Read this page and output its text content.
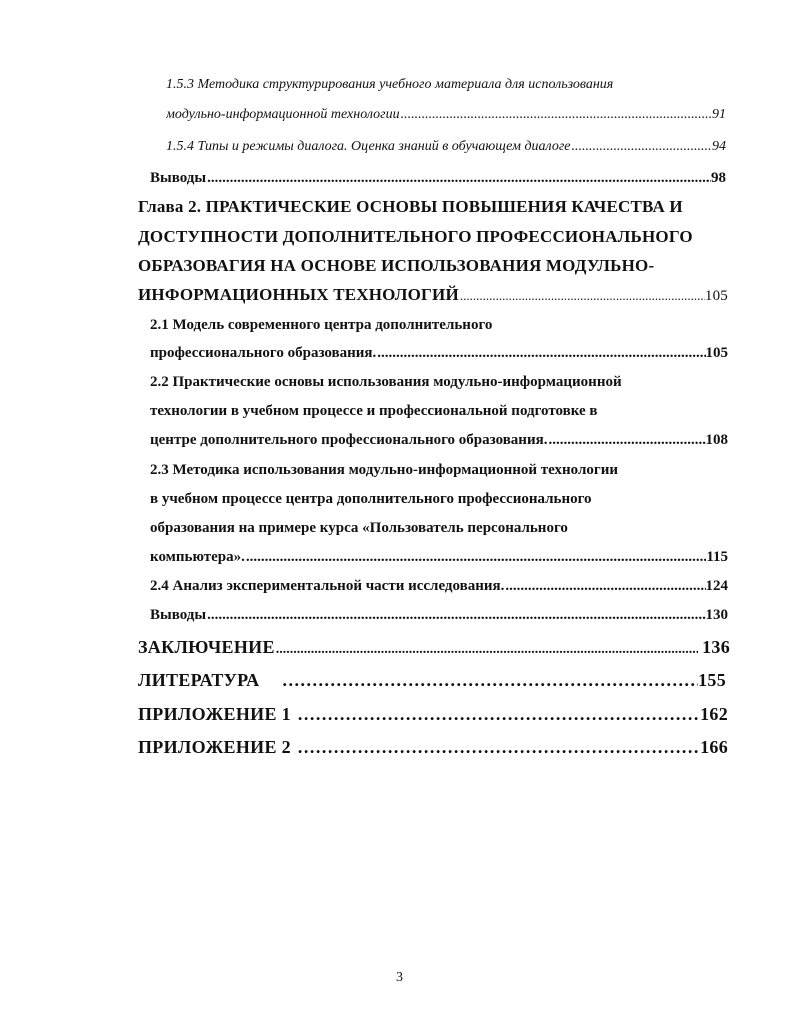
1.5.3 Методика структурирования учебного материала для использования
модульно-информационной технологии .....	91
1.5.4 Типы и режимы диалога. Оценка знаний в обучающем диалоге .....	94
Выводы .....	98
Глава 2. ПРАКТИЧЕСКИЕ ОСНОВЫ ПОВЫШЕНИЯ КАЧЕСТВА И
ДОСТУПНОСТИ ДОПОЛНИТЕЛЬНОГО ПРОФЕССИОНАЛЬНОГО
ОБРАЗОВАГИЯ НА ОСНОВЕ ИСПОЛЬЗОВАНИЯ МОДУЛЬНО-
ИНФОРМАЦИОННЫХ ТЕХНОЛОГИЙ .....	105
2.1 Модель современного центра дополнительного
профессионального образования. .....	105
2.2 Практические основы использования модульно-информационной
технологии в учебном процессе и профессиональной подготовке в
центре дополнительного профессионального образования. .....	108
2.3 Методика использования модульно-информационной технологии
в учебном процессе центра дополнительного профессионального
образования на примере курса «Пользователь персонального
компьютера». .....	115
2.4 Анализ экспериментальной части исследования. .....	124
Выводы .....	130
ЗАКЛЮЧЕНИЕ .....	136
ЛИТЕРАТУРА .....	155
ПРИЛОЖЕНИЕ 1 .....	162
ПРИЛОЖЕНИЕ 2 .....	166
3
